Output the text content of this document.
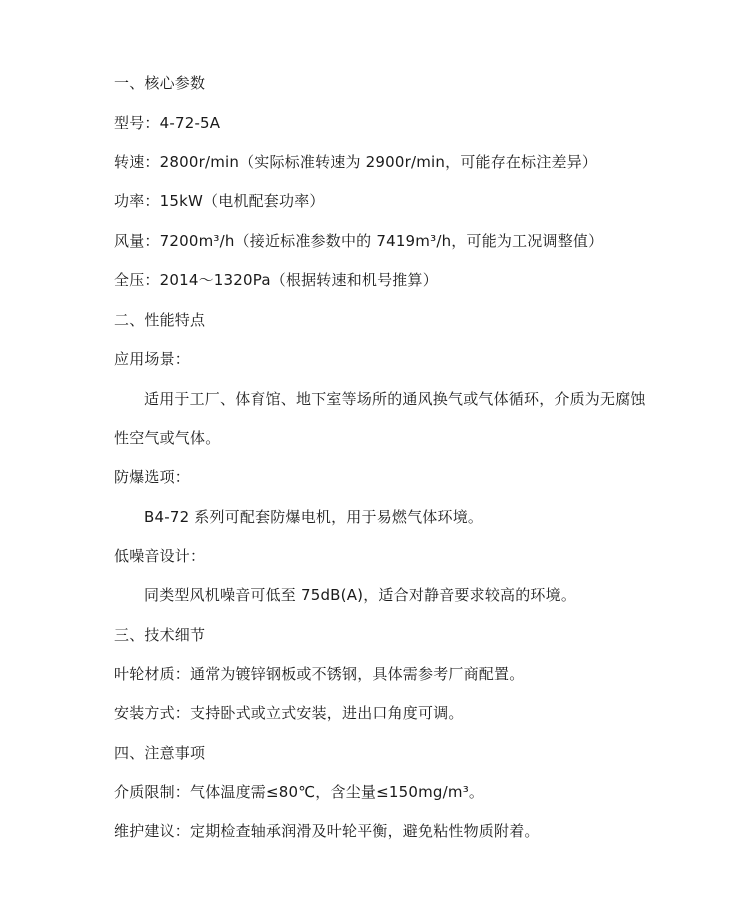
一、核心参数

型号：4-72-5A

转速：2800r/min（实际标准转速为 2900r/min，可能存在标注差异）

功率：15kW（电机配套功率）

风量：7200m³/h（接近标准参数中的 7419m³/h，可能为工况调整值）

全压：2014～1320Pa（根据转速和机号推算）

二、性能特点

应用场景：

适用于工厂、体育馆、地下室等场所的通风换气或气体循环，介质为无腐蚀

性空气或气体。

防爆选项：

B4-72 系列可配套防爆电机，用于易燃气体环境。

低噪音设计：

同类型风机噪音可低至 75dB(A)，适合对静音要求较高的环境。

三、技术细节

叶轮材质：通常为镀锌钢板或不锈钢，具体需参考厂商配置。

安装方式：支持卧式或立式安装，进出口角度可调。

四、注意事项

介质限制：气体温度需≤80℃，含尘量≤150mg/m³。

维护建议：定期检查轴承润滑及叶轮平衡，避免粘性物质附着。
